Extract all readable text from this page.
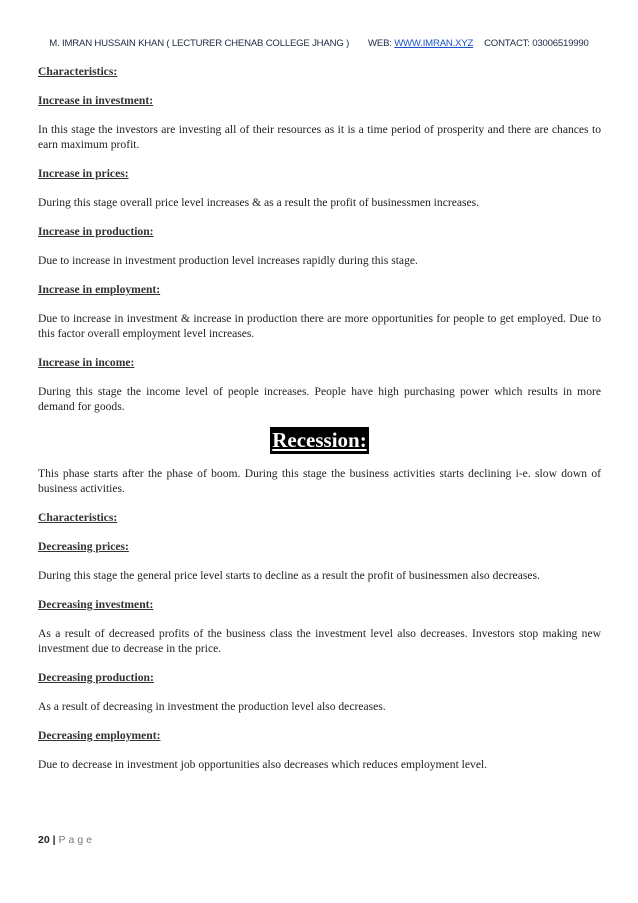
M. IMRAN HUSSAIN KHAN ( LECTURER CHENAB COLLEGE JHANG ) WEB: WWW.IMRAN.XYZ CONTACT: 03006519990

Characteristics:

Increase in investment:

In this stage the investors are investing all of their resources as it is a time period of prosperity and there are chances to earn maximum profit.

Increase in prices:

During this stage overall price level increases & as a result the profit of businessmen increases.

Increase in production:

Due to increase in investment production level increases rapidly during this stage.

Increase in employment:

Due to increase in investment & increase in production there are more opportunities for people to get employed. Due to this factor overall employment level increases.

Increase in income:

During this stage the income level of people increases. People have high purchasing power which results in more demand for goods.

Recession:

This phase starts after the phase of boom. During this stage the business activities starts declining i-e. slow down of business activities.

Characteristics:

Decreasing prices:

During this stage the general price level starts to decline as a result the profit of businessmen also decreases.

Decreasing investment:

As a result of decreased profits of the business class the investment level also decreases. Investors stop making new investment due to decrease in the price.

Decreasing production:

As a result of decreasing in investment the production level also decreases.

Decreasing employment:

Due to decrease in investment job opportunities also decreases which reduces employment level.

20 | Page
